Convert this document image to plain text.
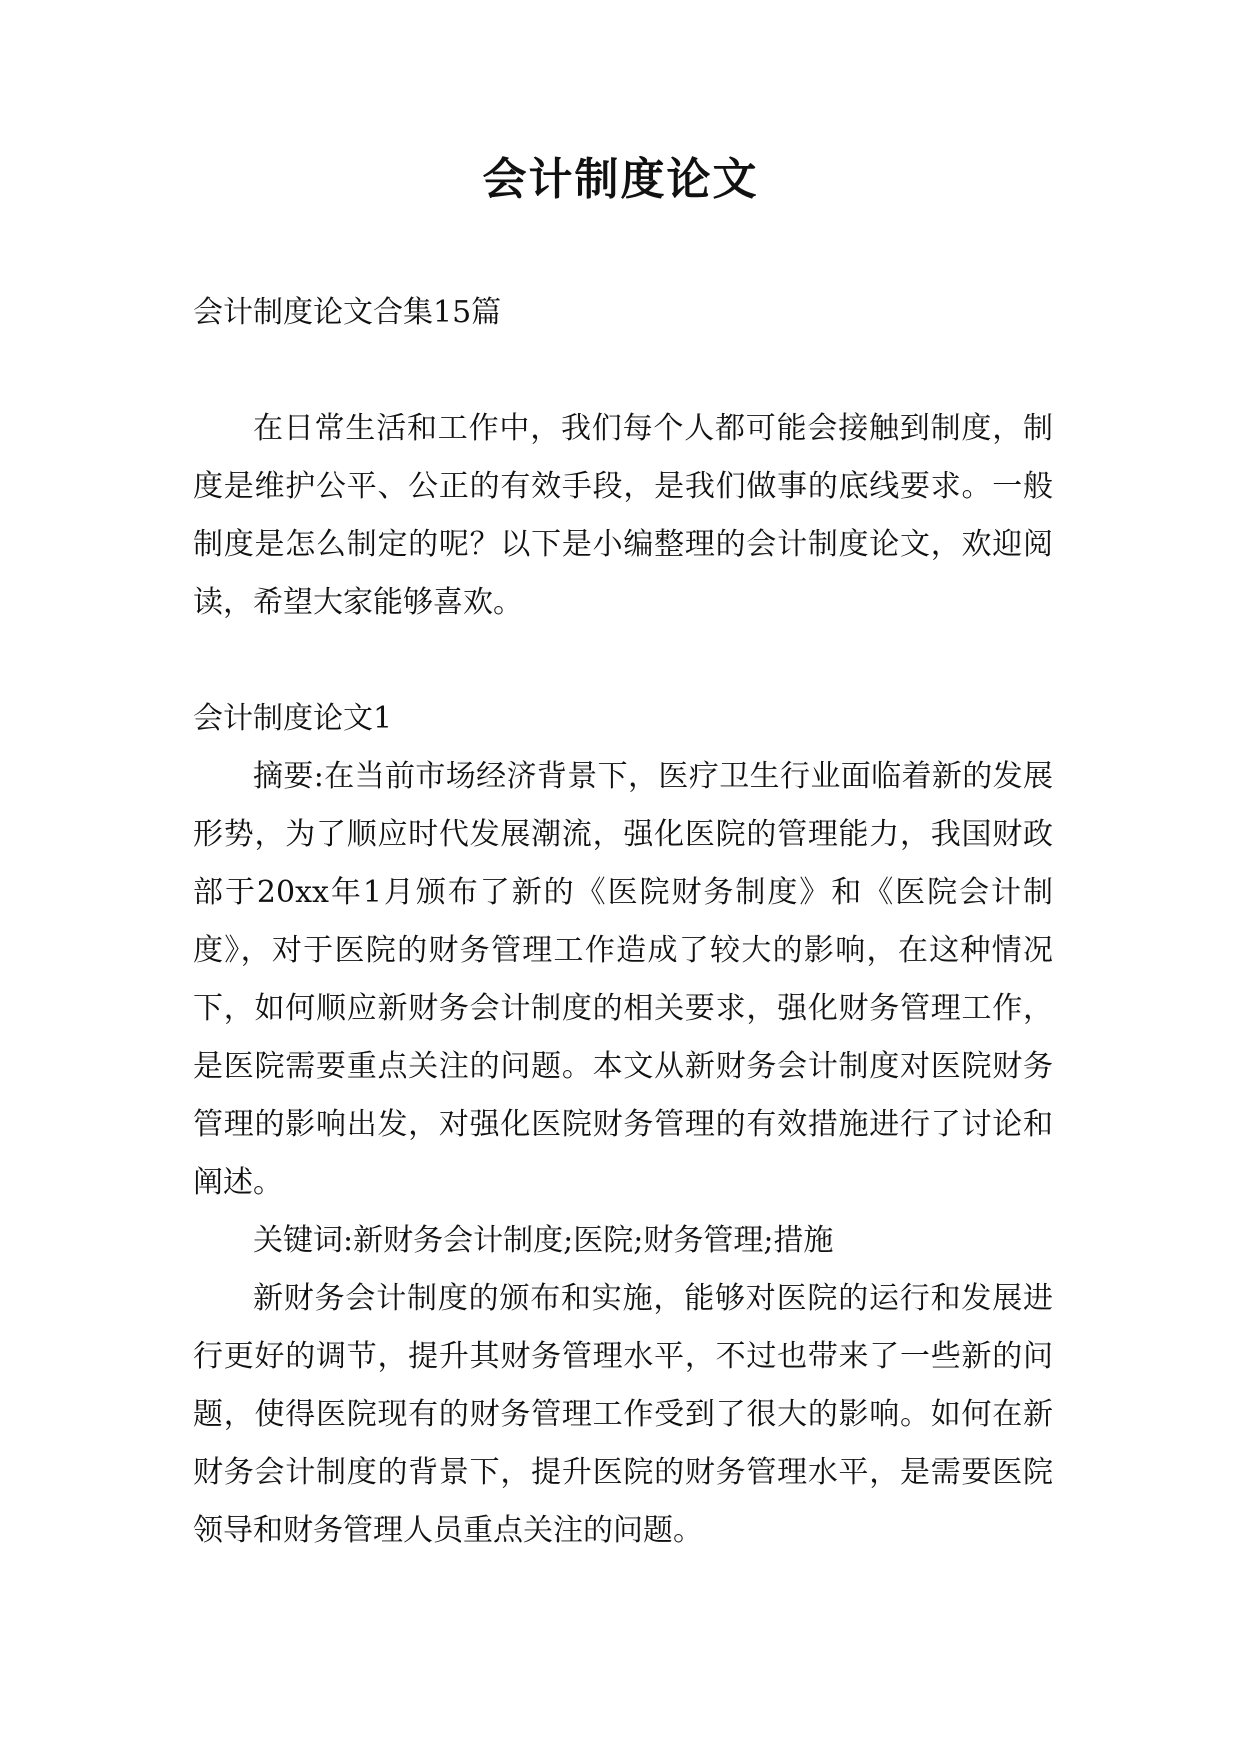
会计制度论文

会计制度论文合集15篇

在日常生活和工作中，我们每个人都可能会接触到制度，制度是维护公平、公正的有效手段，是我们做事的底线要求。一般制度是怎么制定的呢？以下是小编整理的会计制度论文，欢迎阅读，希望大家能够喜欢。

会计制度论文1

摘要:在当前市场经济背景下，医疗卫生行业面临着新的发展形势，为了顺应时代发展潮流，强化医院的管理能力，我国财政部于20xx年1月颁布了新的《医院财务制度》和《医院会计制度》，对于医院的财务管理工作造成了较大的影响，在这种情况下，如何顺应新财务会计制度的相关要求，强化财务管理工作，是医院需要重点关注的问题。本文从新财务会计制度对医院财务管理的影响出发，对强化医院财务管理的有效措施进行了讨论和阐述。

关键词:新财务会计制度;医院;财务管理;措施

新财务会计制度的颁布和实施，能够对医院的运行和发展进行更好的调节，提升其财务管理水平，不过也带来了一些新的问题，使得医院现有的财务管理工作受到了很大的影响。如何在新财务会计制度的背景下，提升医院的财务管理水平，是需要医院领导和财务管理人员重点关注的问题。
